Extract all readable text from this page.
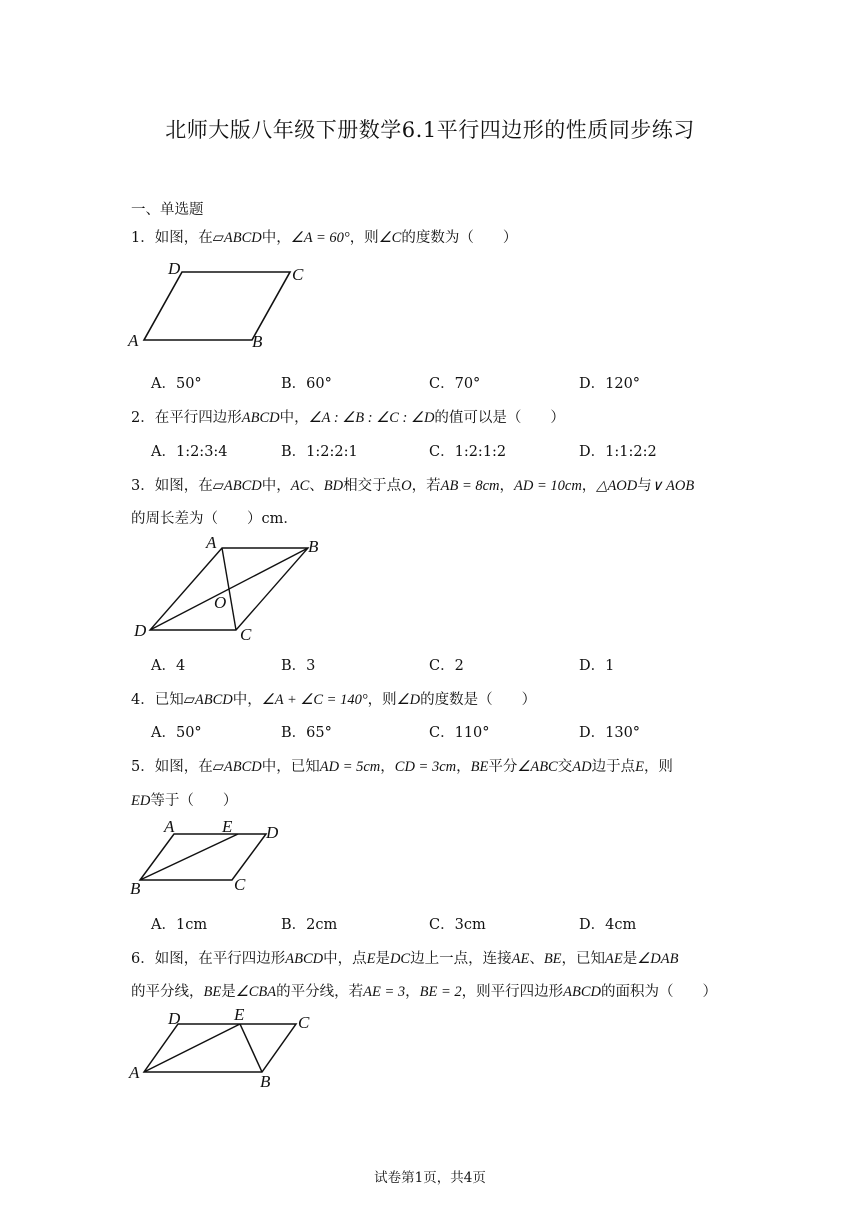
北师大版八年级下册数学6.1平行四边形的性质同步练习
一、单选题
1．如图，在▱ABCD中，∠A = 60°，则∠C的度数为（　　）
A	B
C
D
A．50°	B．60°	C．70°	D．120°
2．在平行四边形ABCD中，∠A : ∠B : ∠C : ∠D的值可以是（　　）
A．1:2:3:4	B．1:2:2:1	C．1:2:1:2	D．1:1:2:2
3．如图，在▱ABCD中，AC、BD相交于点O，若AB = 8cm，AD = 10cm，△AOD与∨ AOB
的周长差为（　　）cm．
A	B
C
D
O
A．4	B．3	C．2	D．1
4．已知▱ABCD中，∠A + ∠C = 140°，则∠D的度数是（　　）
A．50°	B．65°	C．110°	D．130°
5．如图，在▱ABCD中，已知AD = 5cm，CD = 3cm，BE平分∠ABC交AD边于点E，则
ED等于（　　）
A	E D
B	C
A．1cm	B．2cm	C．3cm	D．4cm
6．如图，在平行四边形ABCD中，点E是DC边上一点，连接AE、BE，已知AE是∠DAB
的平分线，BE是∠CBA的平分线，若AE = 3，BE = 2，则平行四边形ABCD的面积为（　　）
D	E	C
A	B
试卷第1页，共4页
